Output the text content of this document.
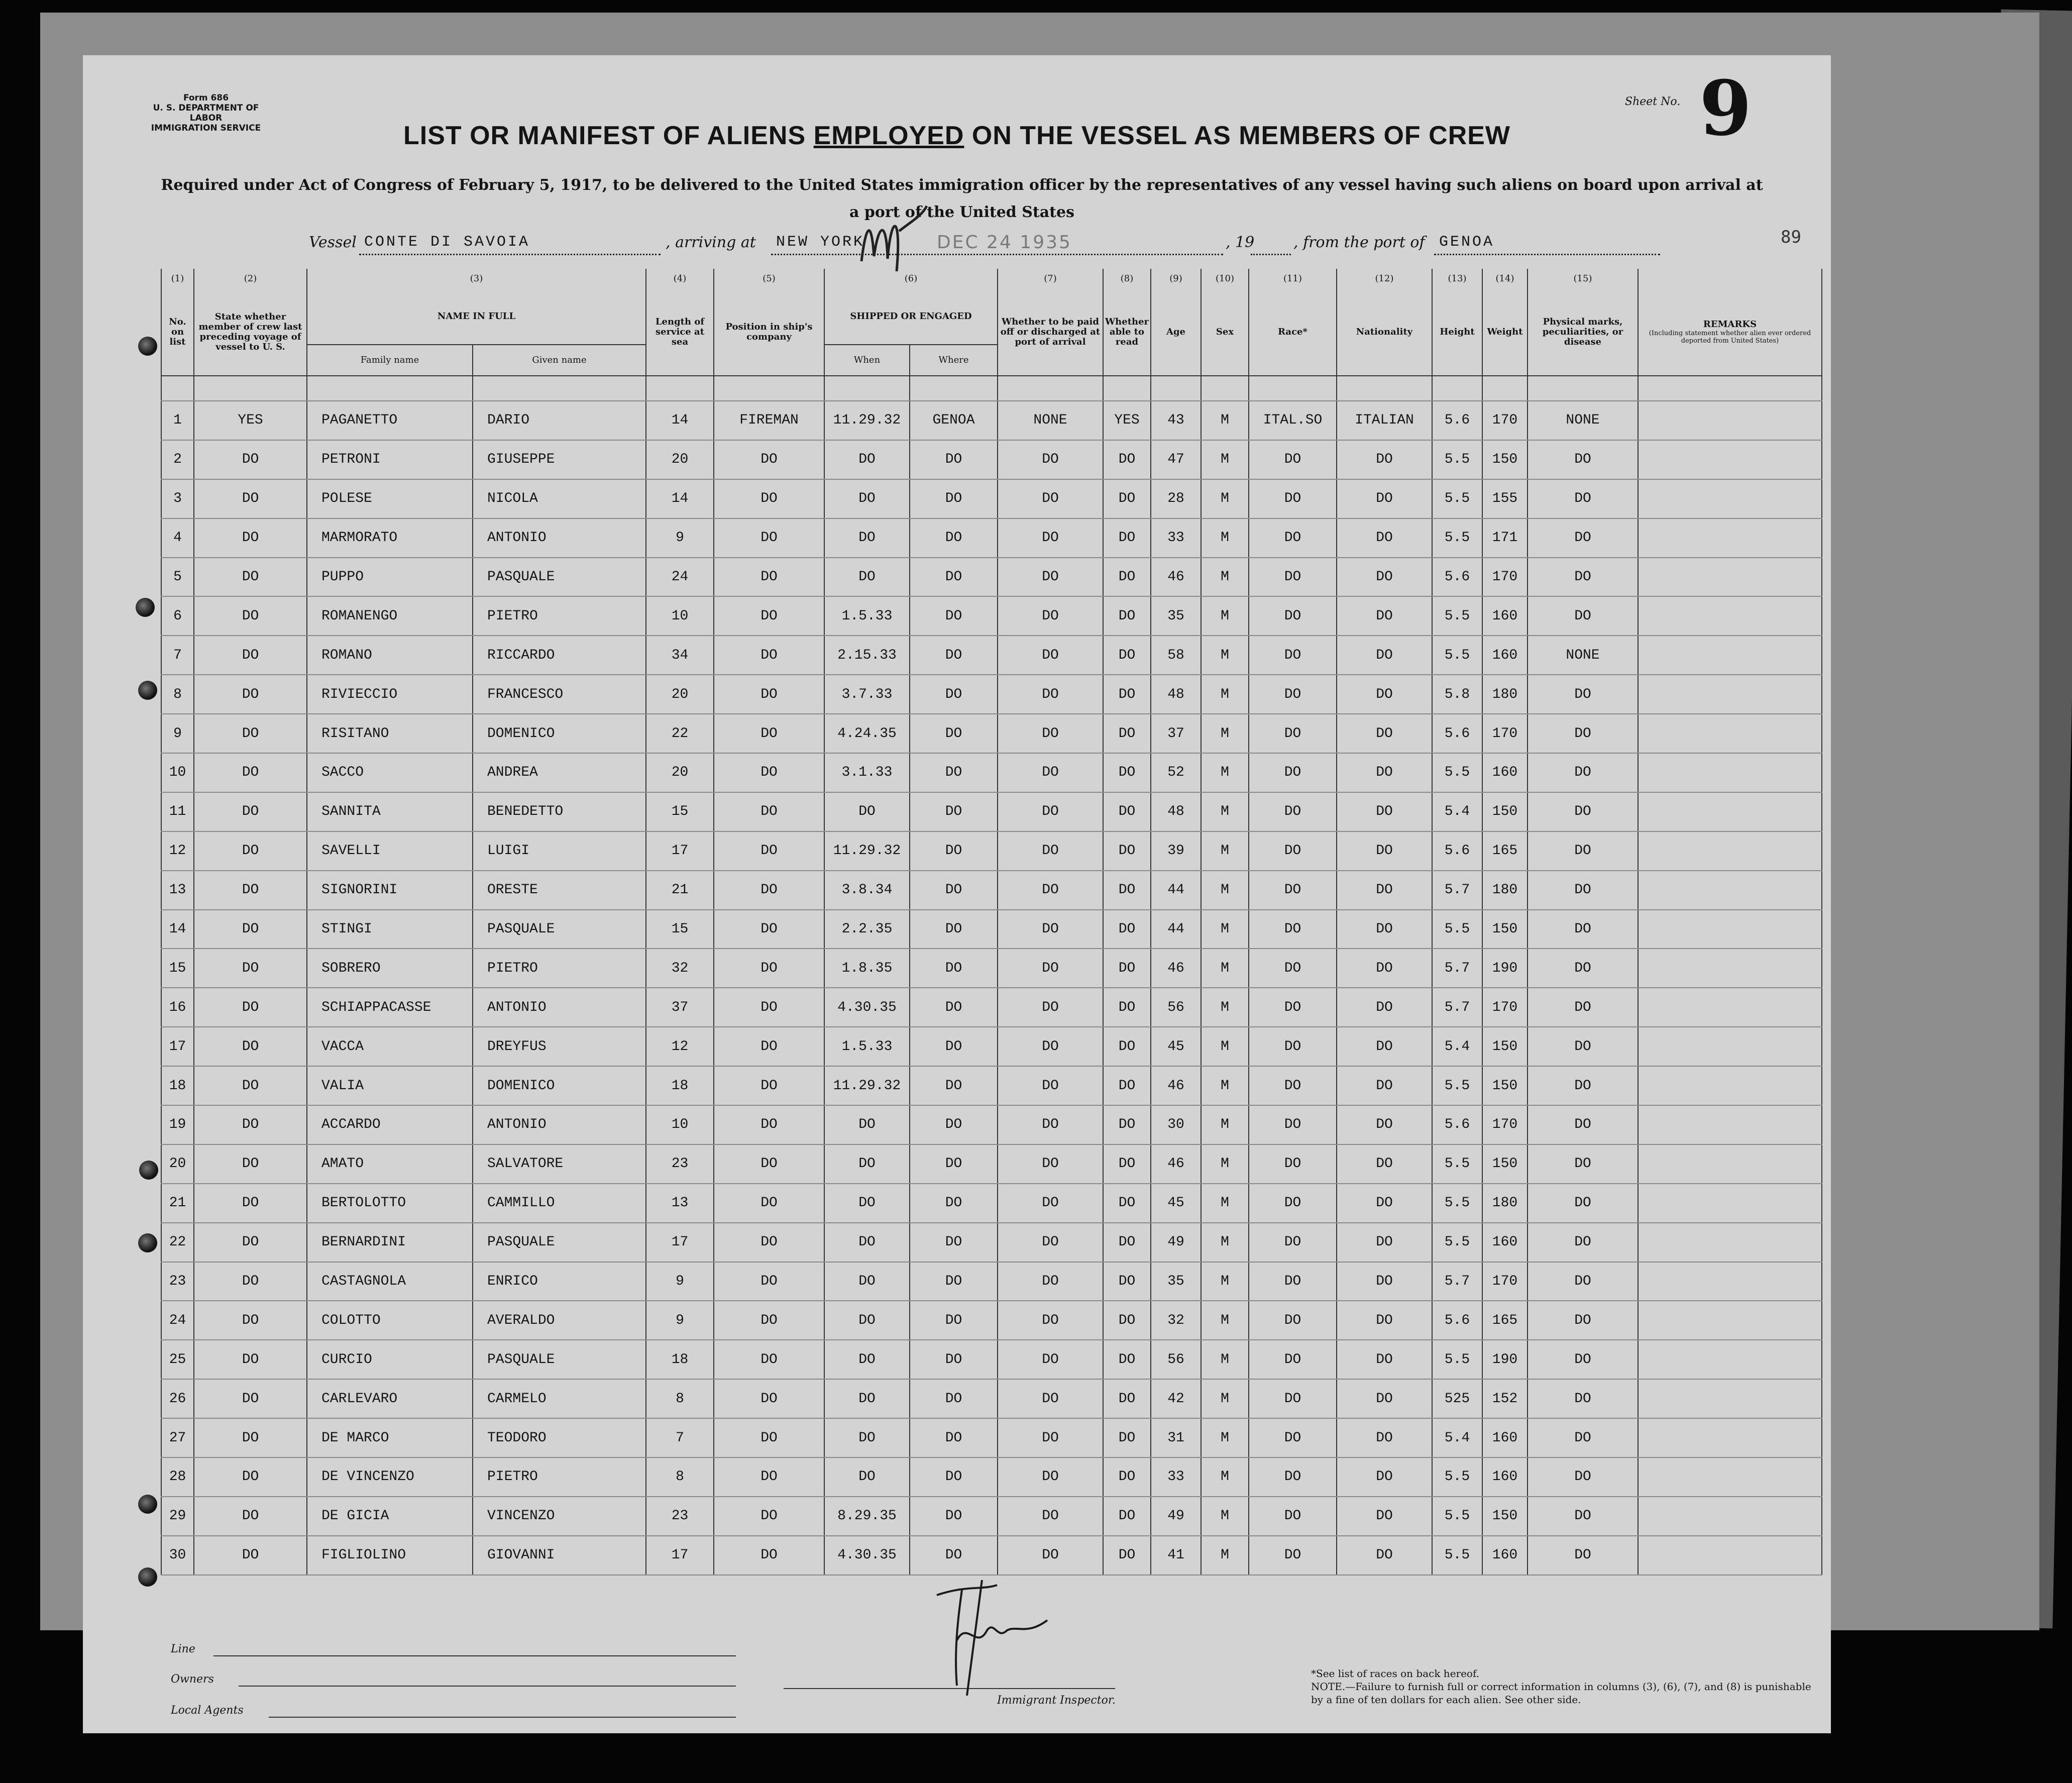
Form 686
U. S. DEPARTMENT OF LABOR
IMMIGRATION SERVICE
Sheet No. 9
89
LIST OR MANIFEST OF ALIENS EMPLOYED ON THE VESSEL AS MEMBERS OF CREW
Required under Act of Congress of February 5, 1917, to be delivered to the United States immigration officer by the representatives of any vessel having such aliens on board upon arrival at a port of the United States
Vessel CONTE DI SAVOIA	, arriving at NEW YORK	, 19	, from the port of GENOA
DEC 24 1935
(1)	(2)	(3)		(4)	(5)	(6)		(7)	(8)	(9)	(10)	(11)	(12)	(13)	(14)	(15)	
No. on list	State whether member of crew last preceding voyage of vessel to U. S.	NAME IN FULL		Length of service at sea	Position in ship's company	SHIPPED OR ENGAGED		Whether to be paid off or discharged at port of arrival	Whether able to read	Age	Sex	Race*	Nationality	Height	Weight	Physical marks, peculiarities, or disease	REMARKS
(Including statement whether alien ever ordered deported from United States)

		Family name	Given name			When	Where										

1	YES	PAGANETTO	DARIO	14	FIREMAN	11.29.32	GENOA	NONE	YES	43	M	ITAL.SO	ITALIAN	5.6	170	NONE	
2	DO	PETRONI	GIUSEPPE	20	DO	DO	DO	DO	DO	47	M	DO	DO	5.5	150	DO	
3	DO	POLESE	NICOLA	14	DO	DO	DO	DO	DO	28	M	DO	DO	5.5	155	DO	
4	DO	MARMORATO	ANTONIO	9	DO	DO	DO	DO	DO	33	M	DO	DO	5.5	171	DO	
5	DO	PUPPO	PASQUALE	24	DO	DO	DO	DO	DO	46	M	DO	DO	5.6	170	DO	
6	DO	ROMANENGO	PIETRO	10	DO	1.5.33	DO	DO	DO	35	M	DO	DO	5.5	160	DO	
7	DO	ROMANO	RICCARDO	34	DO	2.15.33	DO	DO	DO	58	M	DO	DO	5.5	160	NONE	
8	DO	RIVIECCIO	FRANCESCO	20	DO	3.7.33	DO	DO	DO	48	M	DO	DO	5.8	180	DO	
9	DO	RISITANO	DOMENICO	22	DO	4.24.35	DO	DO	DO	37	M	DO	DO	5.6	170	DO	
10	DO	SACCO	ANDREA	20	DO	3.1.33	DO	DO	DO	52	M	DO	DO	5.5	160	DO	
11	DO	SANNITA	BENEDETTO	15	DO	DO	DO	DO	DO	48	M	DO	DO	5.4	150	DO	
12	DO	SAVELLI	LUIGI	17	DO	11.29.32	DO	DO	DO	39	M	DO	DO	5.6	165	DO	
13	DO	SIGNORINI	ORESTE	21	DO	3.8.34	DO	DO	DO	44	M	DO	DO	5.7	180	DO	
14	DO	STINGI	PASQUALE	15	DO	2.2.35	DO	DO	DO	44	M	DO	DO	5.5	150	DO	
15	DO	SOBRERO	PIETRO	32	DO	1.8.35	DO	DO	DO	46	M	DO	DO	5.7	190	DO	
16	DO	SCHIAPPACASSE	ANTONIO	37	DO	4.30.35	DO	DO	DO	56	M	DO	DO	5.7	170	DO	
17	DO	VACCA	DREYFUS	12	DO	1.5.33	DO	DO	DO	45	M	DO	DO	5.4	150	DO	
18	DO	VALIA	DOMENICO	18	DO	11.29.32	DO	DO	DO	46	M	DO	DO	5.5	150	DO	
19	DO	ACCARDO	ANTONIO	10	DO	DO	DO	DO	DO	30	M	DO	DO	5.6	170	DO	
20	DO	AMATO	SALVATORE	23	DO	DO	DO	DO	DO	46	M	DO	DO	5.5	150	DO	
21	DO	BERTOLOTTO	CAMMILLO	13	DO	DO	DO	DO	DO	45	M	DO	DO	5.5	180	DO	
22	DO	BERNARDINI	PASQUALE	17	DO	DO	DO	DO	DO	49	M	DO	DO	5.5	160	DO	
23	DO	CASTAGNOLA	ENRICO	9	DO	DO	DO	DO	DO	35	M	DO	DO	5.7	170	DO	
24	DO	COLOTTO	AVERALDO	9	DO	DO	DO	DO	DO	32	M	DO	DO	5.6	165	DO	
25	DO	CURCIO	PASQUALE	18	DO	DO	DO	DO	DO	56	M	DO	DO	5.5	190	DO	
26	DO	CARLEVARO	CARMELO	8	DO	DO	DO	DO	DO	42	M	DO	DO	525	152	DO	
27	DO	DE MARCO	TEODORO	7	DO	DO	DO	DO	DO	31	M	DO	DO	5.4	160	DO	
28	DO	DE VINCENZO	PIETRO	8	DO	DO	DO	DO	DO	33	M	DO	DO	5.5	160	DO	
29	DO	DE GICIA	VINCENZO	23	DO	8.29.35	DO	DO	DO	49	M	DO	DO	5.5	150	DO	
30	DO	FIGLIOLINO	GIOVANNI	17	DO	4.30.35	DO	DO	DO	41	M	DO	DO	5.5	160	DO	
Line
Owners
Local Agents
Immigrant Inspector.
*See list of races on back hereof.
NOTE.—Failure to furnish full or correct information in columns (3), (6), (7), and (8) is punishable by a fine of ten dollars for each alien. See other side.
